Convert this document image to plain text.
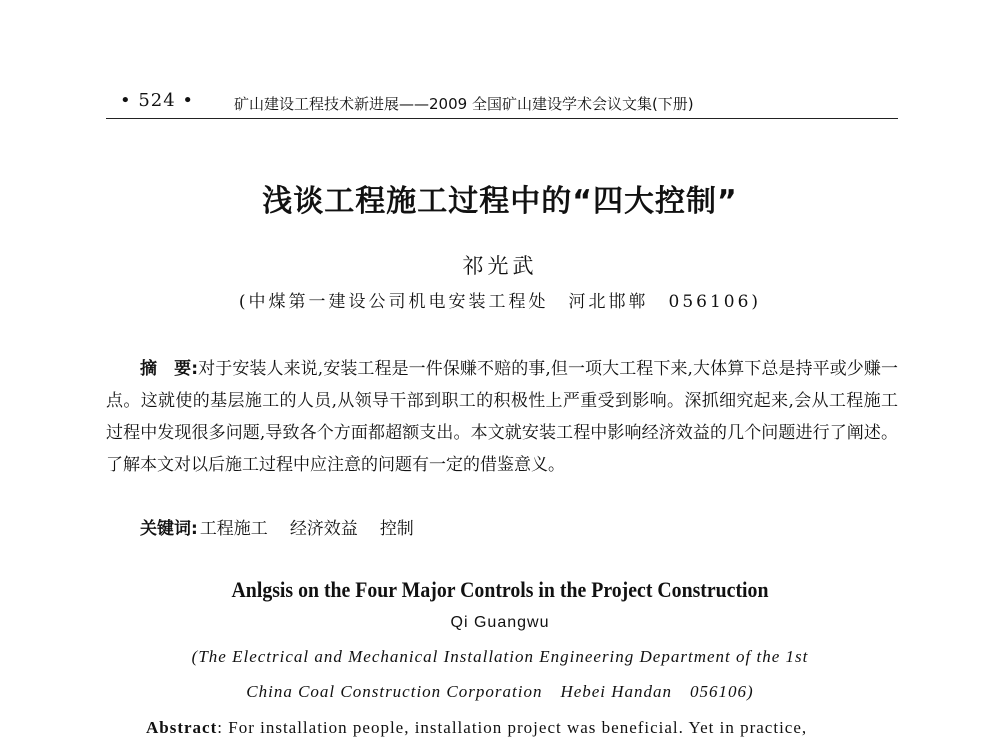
• 524 •	矿山建设工程技术新进展——2009 全国矿山建设学术会议文集(下册)
浅谈工程施工过程中的“四大控制”
祁光武
(中煤第一建设公司机电安装工程处　河北邯郸　056106)

摘　要:对于安装人来说,安装工程是一件保赚不赔的事,但一项大工程下来,大体算下总是持平或少赚一点。这就使的基层施工的人员,从领导干部到职工的积极性上严重受到影响。深抓细究起来,会从工程施工过程中发现很多问题,导致各个方面都超额支出。本文就安装工程中影响经济效益的几个问题进行了阐述。了解本文对以后施工过程中应注意的问题有一定的借鉴意义。

关键词: 工程施工 经济效益 控制
Anlgsis on the Four Major Controls in the Project Construction
Qi Guangwu
(The Electrical and Mechanical Installation Engineering Department of the 1st
China Coal Construction Corporation　Hebei Handan　056106)
Abstract: For installation people, installation project was beneficial. Yet in practice,
